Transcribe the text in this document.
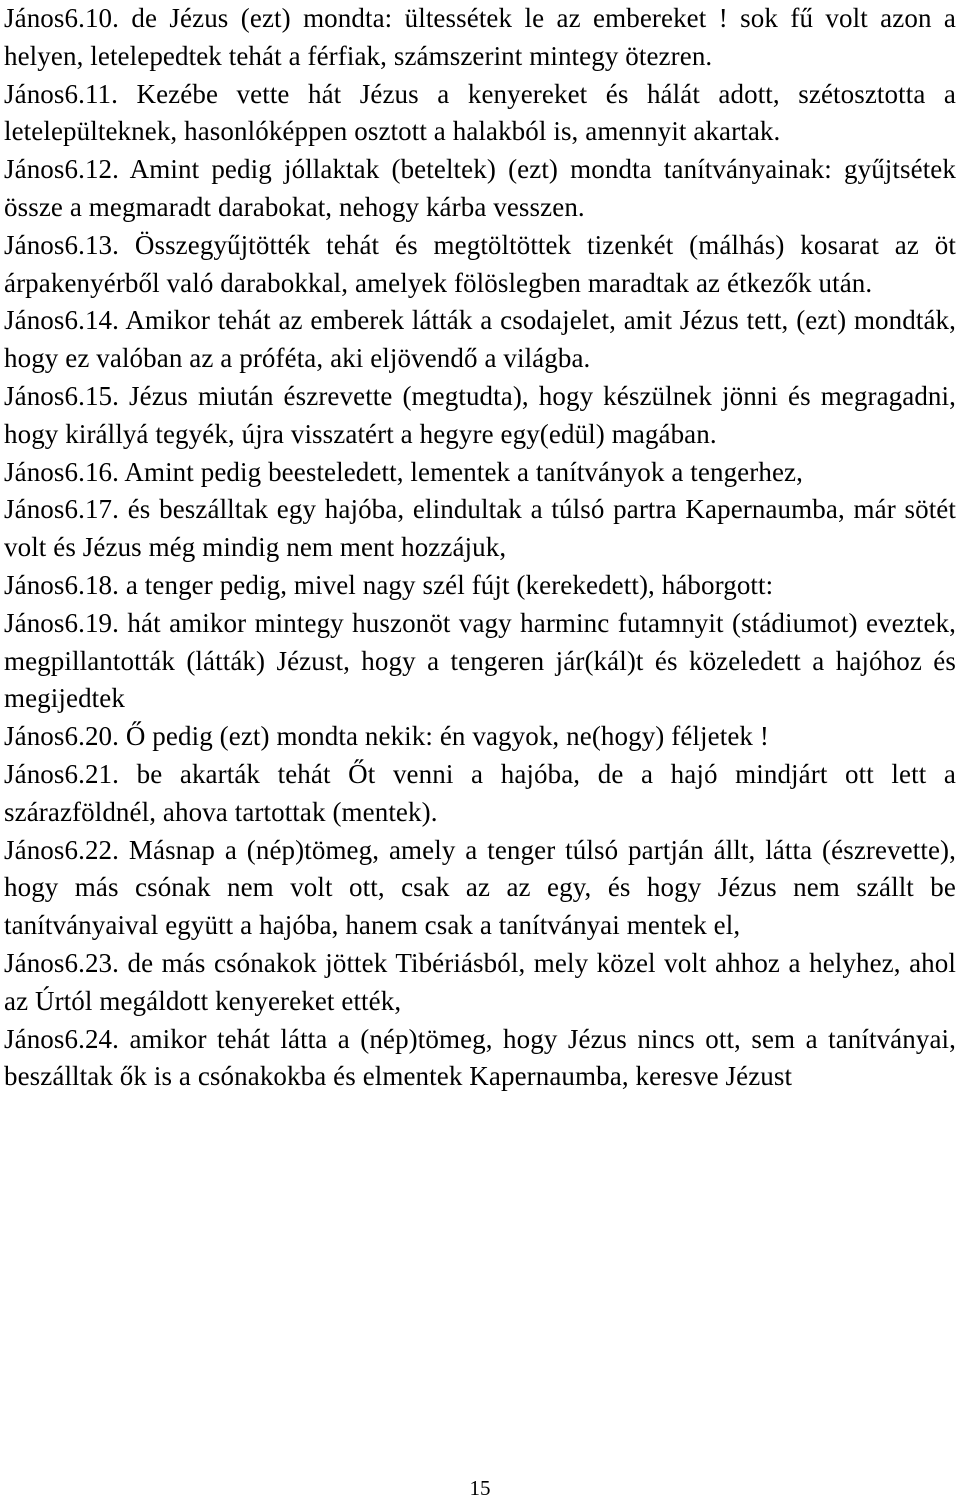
János6.10. de Jézus (ezt) mondta: ültessétek le az embereket ! sok fű volt azon a helyen, letelepedtek tehát a férfiak, számszerint mintegy ötezren.

János6.11. Kezébe vette hát Jézus a kenyereket és hálát adott, szétosztotta a letelepülteknek, hasonlóképpen osztott a halakból is, amennyit akartak.

János6.12. Amint pedig jóllaktak (beteltek) (ezt) mondta tanítványainak: gyűjtsétek össze a megmaradt darabokat, nehogy kárba vesszen.

János6.13. Összegyűjtötték tehát és megtöltöttek tizenkét (málhás) kosarat az öt árpakenyérből való darabokkal, amelyek fölöslegben maradtak az étkezők után.

János6.14. Amikor tehát az emberek látták a csodajelet, amit Jézus tett, (ezt) mondták, hogy ez valóban az a próféta, aki eljövendő a világba.

János6.15. Jézus miután észrevette (megtudta), hogy készülnek jönni és megragadni, hogy királlyá tegyék, újra visszatért a hegyre egy(edül) magában.

János6.16. Amint pedig beesteledett, lementek a tanítványok a tengerhez,

János6.17. és beszálltak egy hajóba, elindultak a túlsó partra Kapernaumba, már sötét volt és Jézus még mindig nem ment hozzájuk,

János6.18. a tenger pedig, mivel nagy szél fújt (kerekedett), háborgott:

János6.19. hát amikor mintegy huszonöt vagy harminc futamnyit (stádiumot) eveztek, megpillantották (látták) Jézust, hogy a tengeren jár(kál)t és közeledett a hajóhoz és megijedtek

János6.20. Ő pedig (ezt) mondta nekik: én vagyok, ne(hogy) féljetek !

János6.21. be akarták tehát Őt venni a hajóba, de a hajó mindjárt ott lett a szárazföldnél, ahova tartottak (mentek).

János6.22. Másnap a (nép)tömeg, amely a tenger túlsó partján állt, látta (észrevette), hogy más csónak nem volt ott, csak az az egy, és hogy Jézus nem szállt be tanítványaival együtt a hajóba, hanem csak a tanítványai mentek el,

János6.23. de más csónakok jöttek Tibériásból, mely közel volt ahhoz a helyhez, ahol az Úrtól megáldott kenyereket ették,

János6.24. amikor tehát látta a (nép)tömeg, hogy Jézus nincs ott, sem a tanítványai, beszálltak ők is a csónakokba és elmentek Kapernaumba, keresve Jézust

15
